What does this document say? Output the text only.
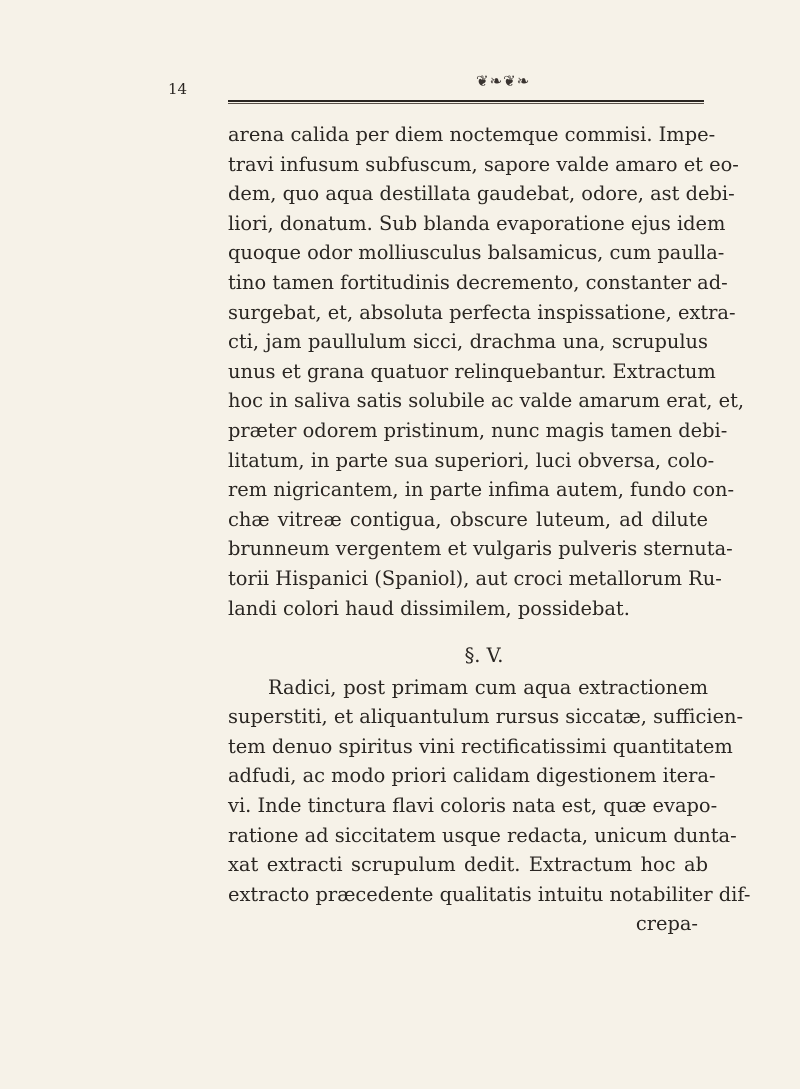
14	❦❧❦❧
arena calida per diem noctemque commisi. Impe-
travi infusum subfuscum, sapore valde amaro et eo-
dem, quo aqua destillata gaudebat, odore, ast debi-
liori, donatum. Sub blanda evaporatione ejus idem
quoque odor molliusculus balsamicus, cum paulla-
tino tamen fortitudinis decremento, constanter ad-
surgebat, et, absoluta perfecta inspissatione, extra-
cti, jam paullulum sicci, drachma una, scrupulus
unus et grana quatuor relinquebantur. Extractum
hoc in saliva satis solubile ac valde amarum erat, et,
præter odorem pristinum, nunc magis tamen debi-
litatum, in parte sua superiori, luci obversa, colo-
rem nigricantem, in parte infima autem, fundo con-
chæ vitreæ contigua, obscure luteum, ad dilute
brunneum vergentem et vulgaris pulveris sternuta-
torii Hispanici (Spaniol), aut croci metallorum Ru-
landi colori haud dissimilem, possidebat.
§. V.
Radici, post primam cum aqua extractionem
superstiti, et aliquantulum rursus siccatæ, sufficien-
tem denuo spiritus vini rectificatissimi quantitatem
adfudi, ac modo priori calidam digestionem itera-
vi. Inde tinctura flavi coloris nata est, quæ evapo-
ratione ad siccitatem usque redacta, unicum dunta-
xat extracti scrupulum dedit. Extractum hoc ab
extracto præcedente qualitatis intuitu notabiliter dif-
crepa-
